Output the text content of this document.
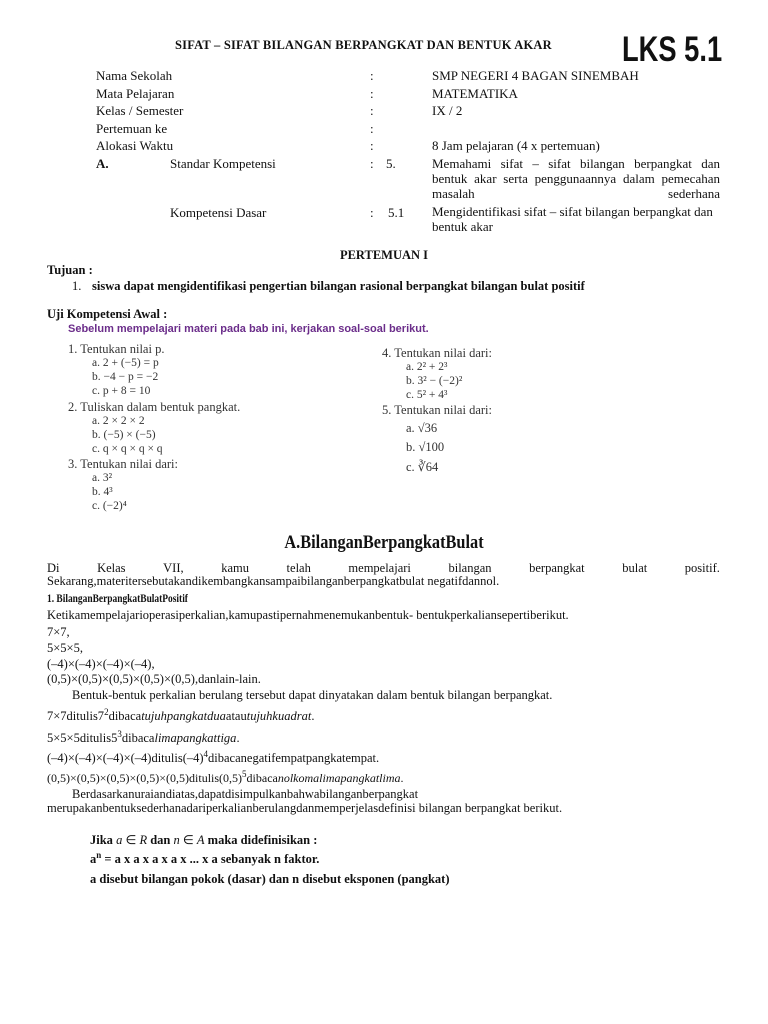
SIFAT – SIFAT BILANGAN BERPANGKAT DAN BENTUK AKAR LKS 5.1
Nama Sekolah	:	SMP NEGERI 4 BAGAN SINEMBAH
Mata Pelajaran	:	MATEMATIKA
Kelas / Semester	:	IX / 2
Pertemuan ke	:
Alokasi Waktu	:	8 Jam pelajaran (4 x pertemuan)
A.	Standar Kompetensi	: 5.	Memahami sifat – sifat bilangan berpangkat dan bentuk akar serta penggunaannya dalam pemecahan masalah sederhana
Kompetensi Dasar	: 5.1 Mengidentifikasi sifat – sifat bilangan berpangkat dan bentuk akar
PERTEMUAN I
Tujuan :
1. siswa dapat mengidentifikasi pengertian bilangan rasional berpangkat bilangan bulat positif
Uji Kompetensi Awal :
Sebelum mempelajari materi pada bab ini, kerjakan soal-soal berikut.
1. Tentukan nilai p.
a. 2 + (−5) = p
b. −4 − p = −2
c. p + 8 = 10
2. Tuliskan dalam bentuk pangkat.
a. 2 × 2 × 2
b. (−5) × (−5)
c. q × q × q × q
3. Tentukan nilai dari:
a. 3²
b. 4³
c. (−2)⁴
4. Tentukan nilai dari:
a. 2² + 2³
b. 3² − (−2)²
c. 5² + 4³
5. Tentukan nilai dari:
a. √36
b. √100
c. ∛64
A.BilanganBerpangkatBulat
Di	Kelas	VII,	kamu	telah	mempelajari	bilangan	berpangkat	bulat	positif.
Sekarang,materitersebutakandikembangkansampaibilanganberpangkatbulat negatifdannol.
1. BilanganBerpangkatBulatPositif
Ketikamempelajarioperasiperkalian,kamupastipernahmenemukanbentuk- bentukperkaliansepertiberikut.
7×7,
5×5×5,
(–4)×(–4)×(–4)×(–4),
(0,5)×(0,5)×(0,5)×(0,5)×(0,5),danlain-lain.
Bentuk-bentuk perkalian berulang tersebut dapat dinyatakan dalam bentuk bilangan berpangkat.
$7\times 7ditulis7^2dibacatujuhpangkatduaatautujuhkuadrat$.
$5\times 5\times 5ditulis5^3dibacalimapangkattiga$.
$(-4)\times(-4)\times(-4)\times(-4)ditulis(-4)^4dibacanegatifempatpangkatempat$.
$(0,5)\times(0,5)\times(0,5)\times(0,5)\times(0,5)ditulis(0,5)^5dibacanolkomalimapangkatlima$.
Berdasarkanuraiandiatas,dapatdisimpulkanbahwabilanganberpangkat
merupakanbentuksederhanadariperkalianberulangdanmemperjelasdefinisi bilangan berpangkat berikut.
Jika a ∈ R dan n ∈ A maka didefinisikan :
$a^n = a$ x a x a x a x ... x a sebanyak n faktor.
a disebut bilangan pokok (dasar) dan n disebut eksponen (pangkat)
